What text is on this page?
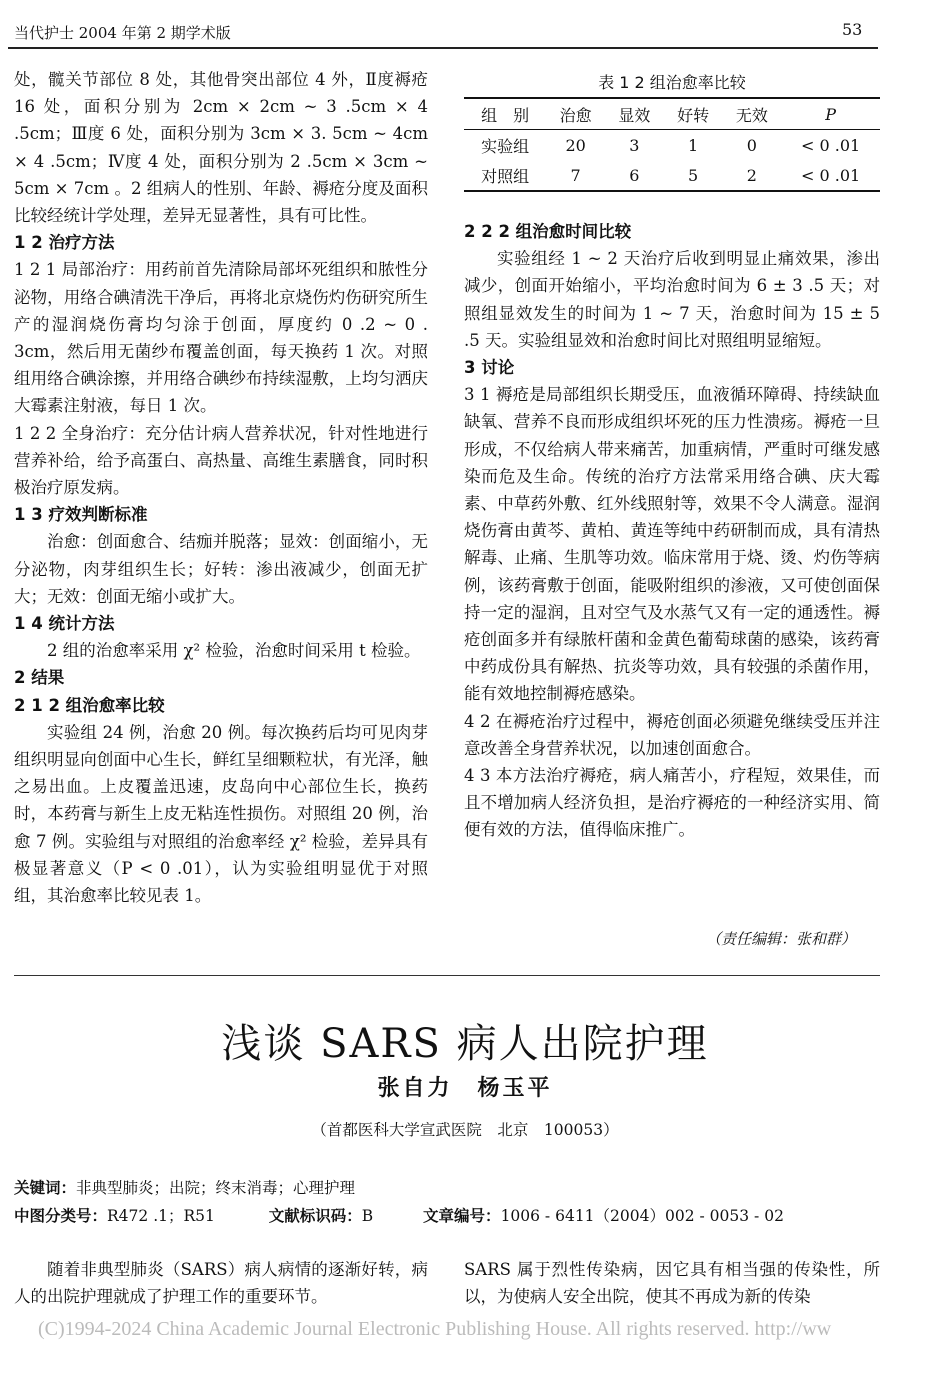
当代护士 2004 年第 2 期学术版	53

处，髋关节部位 8 处，其他骨突出部位 4 外，Ⅱ度褥疮 16 处，面积分别为 2cm × 2cm ~ 3 .5cm × 4 .5cm；Ⅲ度 6 处，面积分别为 3cm × 3. 5cm ~ 4cm × 4 .5cm；Ⅳ度 4 处，面积分别为 2 .5cm × 3cm ~ 5cm × 7cm 。2 组病人的性别、年龄、褥疮分度及面积比较经统计学处理，差异无显著性，具有可比性。

1 2 治疗方法

1 2 1 局部治疗：用药前首先清除局部坏死组织和脓性分泌物，用络合碘清洗干净后，再将北京烧伤灼伤研究所生产的湿润烧伤膏均匀涂于创面，厚度约 0 .2 ~ 0 . 3cm，然后用无菌纱布覆盖创面，每天换药 1 次。对照组用络合碘涂擦，并用络合碘纱布持续湿敷，上均匀洒庆大霉素注射液，每日 1 次。

1 2 2 全身治疗：充分估计病人营养状况，针对性地进行营养补给，给予高蛋白、高热量、高维生素膳食，同时积极治疗原发病。

1 3 疗效判断标准

治愈：创面愈合、结痂并脱落；显效：创面缩小，无分泌物，肉芽组织生长；好转：渗出液减少，创面无扩大；无效：创面无缩小或扩大。

1 4 统计方法

2 组的治愈率采用 χ² 检验，治愈时间采用 t 检验。

2 结果

2 1 2 组治愈率比较

实验组 24 例，治愈 20 例。每次换药后均可见肉芽组织明显向创面中心生长，鲜红呈细颗粒状，有光泽，触之易出血。上皮覆盖迅速，皮岛向中心部位生长，换药时，本药膏与新生上皮无粘连性损伤。对照组 20 例，治愈 7 例。实验组与对照组的治愈率经 χ² 检验，差异具有极显著意义（P < 0 .01），认为实验组明显优于对照组，其治愈率比较见表 1。

表 1 2 组治愈率比较
组　别	治愈	显效	好转	无效	P
实验组	20	3	1	0	< 0 .01
对照组	7	6	5	2	< 0 .01

2 2 2 组治愈时间比较

实验组经 1 ~ 2 天治疗后收到明显止痛效果，渗出减少，创面开始缩小，平均治愈时间为 6 ± 3 .5 天；对照组显效发生的时间为 1 ~ 7 天，治愈时间为 15 ± 5 .5 天。实验组显效和治愈时间比对照组明显缩短。

3 讨论

3 1 褥疮是局部组织长期受压，血液循环障碍、持续缺血缺氧、营养不良而形成组织坏死的压力性溃疡。褥疮一旦形成，不仅给病人带来痛苦，加重病情，严重时可继发感染而危及生命。传统的治疗方法常采用络合碘、庆大霉素、中草药外敷、红外线照射等，效果不令人满意。湿润烧伤膏由黄芩、黄柏、黄连等纯中药研制而成，具有清热解毒、止痛、生肌等功效。临床常用于烧、烫、灼伤等病例，该药膏敷于创面，能吸附组织的渗液，又可使创面保持一定的湿润，且对空气及水蒸气又有一定的通透性。褥疮创面多并有绿脓杆菌和金黄色葡萄球菌的感染，该药膏中药成份具有解热、抗炎等功效，具有较强的杀菌作用，能有效地控制褥疮感染。

4 2 在褥疮治疗过程中，褥疮创面必须避免继续受压并注意改善全身营养状况，以加速创面愈合。

4 3 本方法治疗褥疮，病人痛苦小，疗程短，效果佳，而且不增加病人经济负担，是治疗褥疮的一种经济实用、简便有效的方法，值得临床推广。

（责任编辑：张和群）
浅谈 SARS 病人出院护理
张自力　杨玉平
（首都医科大学宣武医院　北京　100053）
关键词：非典型肺炎；出院；终末消毒；心理护理
中图分类号：R472 .1；R51	文献标识码：B	文章编号：1006 - 6411（2004）002 - 0053 - 02
随着非典型肺炎（SARS）病人病情的逐渐好转，病人的出院护理就成了护理工作的重要环节。
SARS 属于烈性传染病，因它具有相当强的传染性，所以，为使病人安全出院，使其不再成为新的传染
(C)1994-2024 China Academic Journal Electronic Publishing House. All rights reserved. http://ww
